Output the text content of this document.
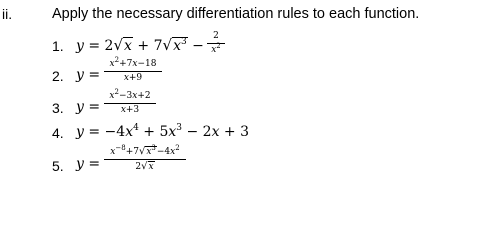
ii.	Apply the necessary differentiation rules to each function.
1. $y = 2√x + 7√x^3$ −
2
$x^2$
2. y =
$x^2+7x-18$
x+9
3. y =
$x^2-3x+2$
x+3
4. $y = -4x^4 + 5x^3 - 2x + 3$
5. y =
$x^{-8}+7√x^3-4x^2$
2√x
